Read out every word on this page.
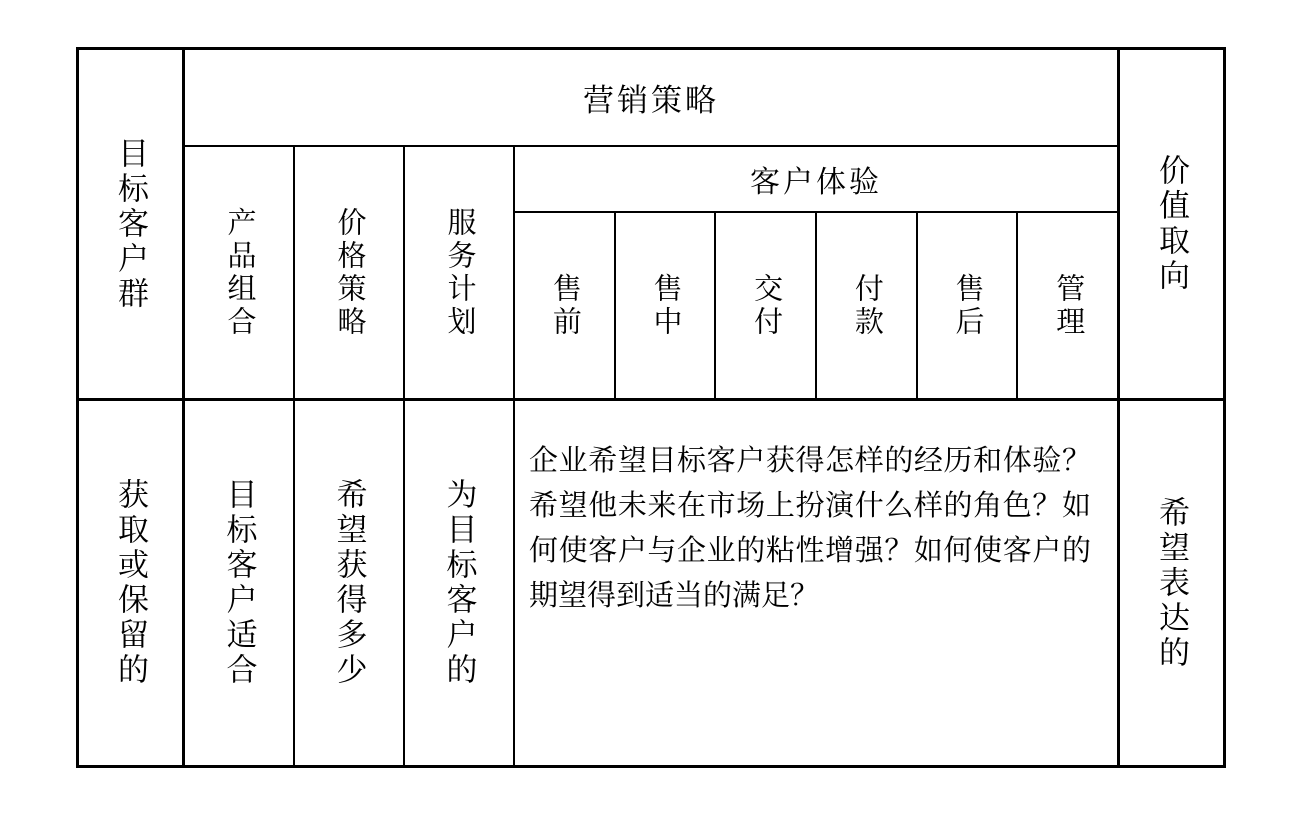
目标客户群
获取或保留的
营销策略
产品组合	价格策略	服务计划
客户体验
售前 售中 交付 付款 售后 管理
目标客户适合 希望获得多少 为目标客户的
企业希望目标客户获得怎样的经历和体验？希望他未来在市场上扮演什么样的角色？如何使客户与企业的粘性增强？如何使客户的期望得到适当的满足？
价值取向
希望表达的
